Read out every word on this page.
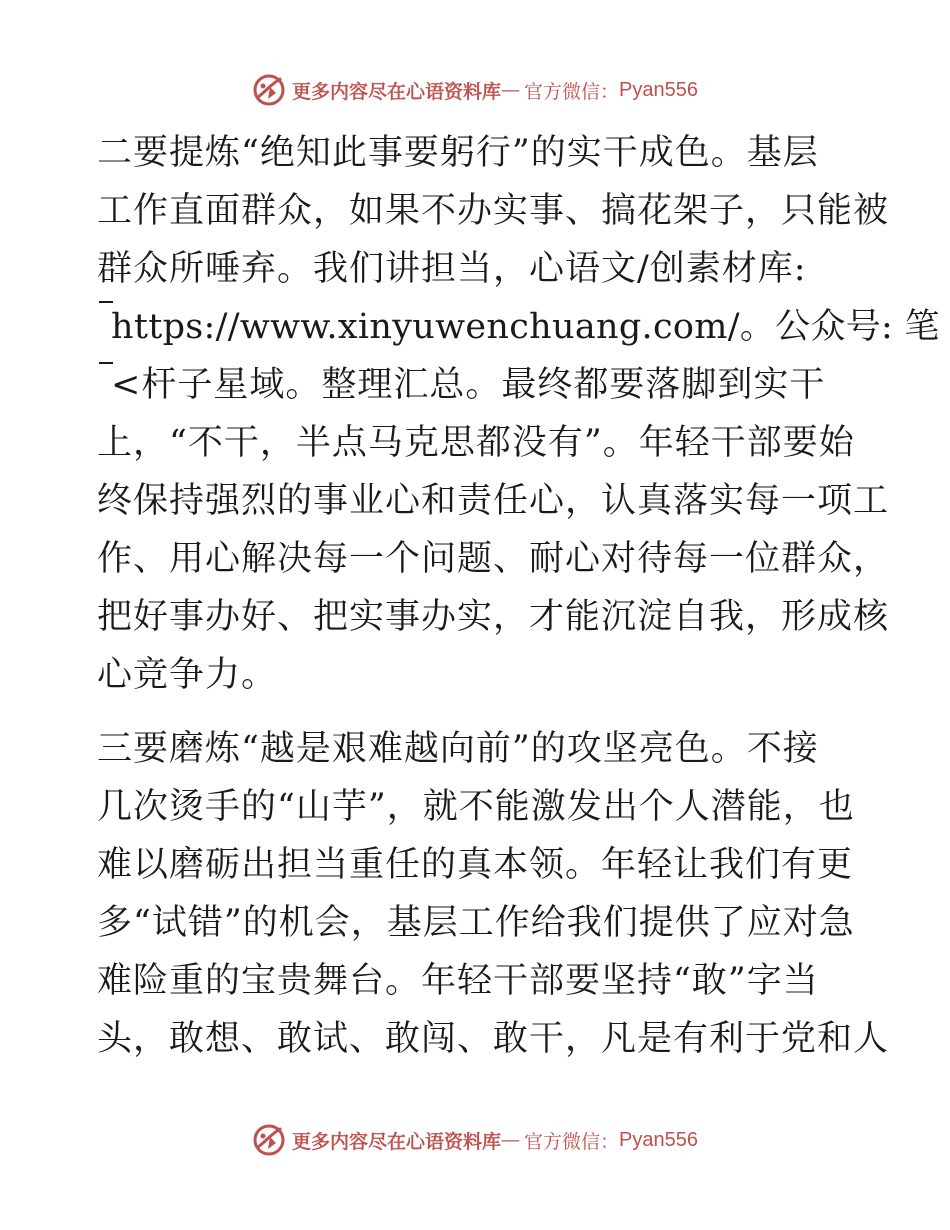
更多内容尽在心语资料库 — 官方微信： Pyan556
二要提炼“绝知此事要躬行”的实干成色。基层
工作直面群众，如果不办实事、搞花架子，只能被
群众所唾弃。我们讲担当，心语文/创素材库:
https://www.xinyuwenchuang.com/。公众号: 笔
<杆子星域。整理汇总。最终都要落脚到实干
上，“不干，半点马克思都没有”。年轻干部要始
终保持强烈的事业心和责任心，认真落实每一项工
作、用心解决每一个问题、耐心对待每一位群众，
把好事办好、把实事办实，才能沉淀自我，形成核
心竞争力。
三要磨炼“越是艰难越向前”的攻坚亮色。不接
几次烫手的“山芋”，就不能激发出个人潜能，也
难以磨砺出担当重任的真本领。年轻让我们有更
多“试错”的机会，基层工作给我们提供了应对急
难险重的宝贵舞台。年轻干部要坚持“敢”字当
头，敢想、敢试、敢闯、敢干，凡是有利于党和人
更多内容尽在心语资料库 — 官方微信： Pyan556
